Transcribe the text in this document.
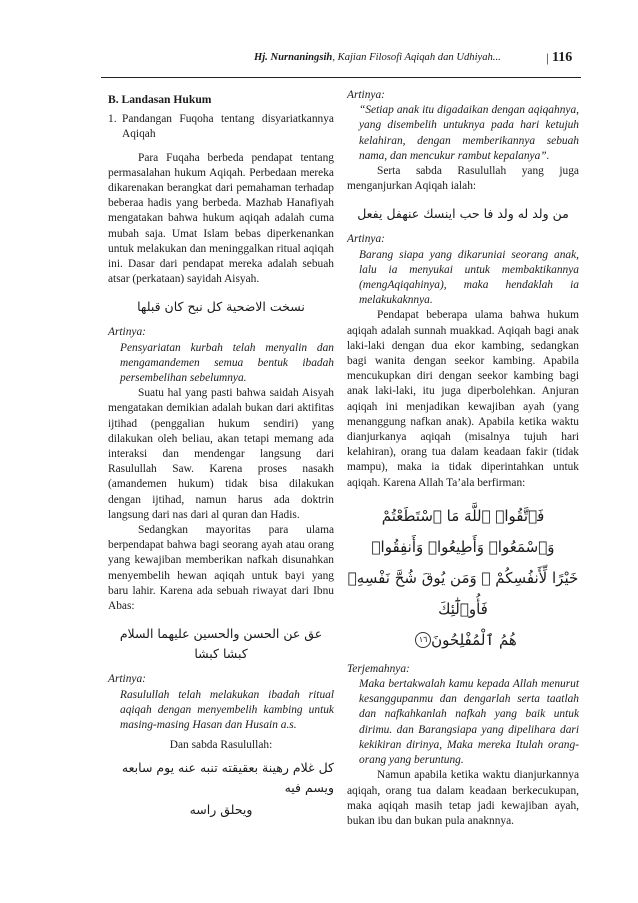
Hj. Nurnaningsih, Kajian Filosofi Aqiqah dan Udhiyah...	| 116
B. Landasan Hukum
1. Pandangan Fuqoha tentang disyariatkannya Aqiqah

Para Fuqaha berbeda pendapat tentang permasalahan hukum Aqiqah. Perbedaan mereka dikarenakan berangkat dari pemahaman terhadap beberaa hadis yang berbeda. Mazhab Hanafiyah mengatakan bahwa hukum aqiqah adalah cuma mubah saja. Umat Islam bebas diperkenankan untuk melakukan dan meninggalkan ritual aqiqah ini. Dasar dari pendapat mereka adalah sebuah atsar (perkataan) sayidah Aisyah.

نسخت الاضحية كل نبح كان قبلها
Artinya:

Pensyariatan kurbah telah menyalin dan mengamandemen semua bentuk ibadah persembelihan sebelumnya.

Suatu hal yang pasti bahwa saidah Aisyah mengatakan demikian adalah bukan dari aktifitas ijtihad (penggalian hukum sendiri) yang dilakukan oleh beliau, akan tetapi memang ada interaksi dan mendengar langsung dari Rasulullah Saw. Karena proses nasakh (amandemen hukum) tidak bisa dilakukan dengan ijtihad, namun harus ada doktrin langsung dari nas dari al quran dan Hadis.

Sedangkan mayoritas para ulama berpendapat bahwa bagi seorang ayah atau orang yang kewajiban memberikan nafkah disunahkan menyembelih hewan aqiqah untuk bayi yang baru lahir. Karena ada sebuah riwayat dari Ibnu Abas:

عق عن الحسن والحسين عليهما السلام كبشا كبشا
Artinya:

Rasulullah telah melakukan ibadah ritual aqiqah dengan menyembelih kambing untuk masing-masing Hasan dan Husain a.s.

Dan sabda Rasulullah:
كل غلام رهينة بعقيقته تنبه عنه يوم سابعه ويسم فيه
ويحلق راسه
Artinya:

“Setiap anak itu digadaikan dengan aqiqahnya, yang disembelih untuknya pada hari ketujuh kelahiran, dengan memberikannya sebuah nama, dan mencukur rambut kepalanya”.

Serta sabda Rasulullah yang juga menganjurkan Aqiqah ialah:

من ولد له ولد فا حب اينسك عنهفل يفعل
Artinya:

Barang siapa yang dikaruniai seorang anak, lalu ia menyukai untuk membaktikannya (mengAqiqahinya), maka hendaklah ia melakukaknnya.

Pendapat beberapa ulama bahwa hukum aqiqah adalah sunnah muakkad. Aqiqah bagi anak laki-laki dengan dua ekor kambing, sedangkan bagi wanita dengan seekor kambing. Apabila mencukupkan diri dengan seekor kambing bagi anak laki-laki, itu juga diperbolehkan. Anjuran aqiqah ini menjadikan kewajiban ayah (yang menanggung nafkan anak). Apabila ketika waktu dianjurkanya aqiqah (misalnya tujuh hari kelahiran), orang tua dalam keadaan fakir (tidak mampu), maka ia tidak diperintahkan untuk aqiqah. Karena Allah Ta’ala berfirman:

فَٱتَّقُوا۟ ٱللَّهَ مَا ٱسْتَطَعْتُمْ وَٱسْمَعُوا۟ وَأَطِيعُوا۟ وَأَنفِقُوا۟
خَيْرًا لِّأَنفُسِكُمْ ۗ وَمَن يُوقَ شُحَّ نَفْسِهِۦ فَأُو۟لَٰٓئِكَ
هُمُ ٱلْمُفْلِحُونَ١٦
Terjemahnya:

Maka bertakwalah kamu kepada Allah menurut kesanggupanmu dan dengarlah serta taatlah dan nafkahkanlah nafkah yang baik untuk dirimu. dan Barangsiapa yang dipelihara dari kekikiran dirinya, Maka mereka Itulah orang-orang yang beruntung.

Namun apabila ketika waktu dianjurkannya aqiqah, orang tua dalam keadaan berkecukupan, maka aqiqah masih tetap jadi kewajiban ayah, bukan ibu dan bukan pula anaknnya.
